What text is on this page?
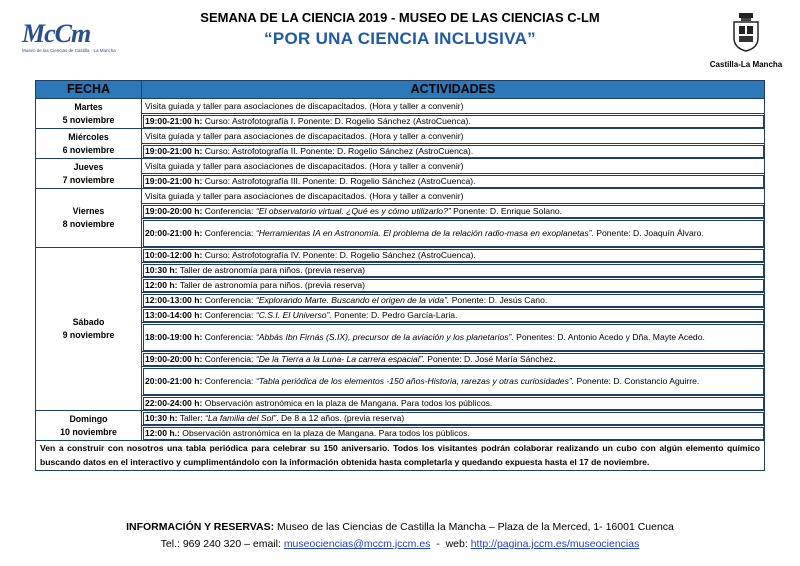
McCm
Museo de las Ciencias de Castilla - La Mancha
SEMANA DE LA CIENCIA 2019 - MUSEO DE LAS CIENCIAS C-LM
“POR UNA CIENCIA INCLUSIVA”
Castilla-La Mancha
FECHA	ACTIVIDADES

Martes
5 noviembre	Visita guiada y taller para asociaciones de discapacitados. (Hora y taller a convenir)
	19:00-21:00 h: Curso: Astrofotografía I. Ponente: D. Rogelio Sánchez (AstroCuenca).

Miércoles
6 noviembre	Visita guiada y taller para asociaciones de discapacitados. (Hora y taller a convenir)
	19:00-21:00 h: Curso: Astrofotografía II. Ponente: D. Rogelio Sánchez (AstroCuenca).

Jueves
7 noviembre	Visita guiada y taller para asociaciones de discapacitados. (Hora y taller a convenir)
	19:00-21:00 h: Curso: Astrofotografía III. Ponente: D. Rogelio Sánchez (AstroCuenca).

Viernes
8 noviembre	Visita guiada y taller para asociaciones de discapacitados. (Hora y taller a convenir)
	19:00-20:00 h: Conferencia: “El observatorio virtual. ¿Qué es y cómo utilizarlo?” Ponente: D. Enrique Solano.
	20:00-21:00 h: Conferencia: “Herramientas IA en Astronomía. El problema de la relación radio-masa en exoplanetas”. Ponente: D. Joaquín Álvaro.

Sábado
9 noviembre	10:00-12:00 h: Curso: Astrofotografía IV. Ponente: D. Rogelio Sánchez (AstroCuenca).
	10:30 h: Taller de astronomía para niños. (previa reserva)
	12:00 h: Taller de astronomía para niños. (previa reserva)
	12:00-13:00 h: Conferencia: “Explorando Marte. Buscando el origen de la vida”. Ponente: D. Jesús Cano.
	13:00-14:00 h: Conferencia: “C.S.I. El Universo”. Ponente: D. Pedro García-Laria.
	18:00-19:00 h: Conferencia: “Abbás Ibn Firnás (S.IX), precursor de la aviación y los planetarios”. Ponentes: D. Antonio Acedo y Dña. Mayte Acedo.
	19:00-20:00 h: Conferencia: “De la Tierra a la Luna- La carrera espacial”. Ponente: D. José María Sánchez.
	20:00-21:00 h: Conferencia: “Tabla periódica de los elementos -150 años-Historia, rarezas y otras curiosidades”. Ponente: D. Constancio Aguirre.
	22:00-24:00 h: Observación astronómica en la plaza de Mangana. Para todos los públicos.

Domingo
10 noviembre	10:30 h: Taller: “La familia del Sol”. De 8 a 12 años. (previa reserva)
	12:00 h.: Observación astronómica en la plaza de Mangana. Para todos los públicos.
Ven a construir con nosotros una tabla periódica para celebrar su 150 aniversario. Todos los visitantes podrán colaborar realizando un cubo con algún elemento químico buscando datos en el interactivo y cumplimentándolo con la información obtenida hasta completarla y quedando expuesta hasta el 17 de noviembre.	
INFORMACIÓN Y RESERVAS: Museo de las Ciencias de Castilla la Mancha – Plaza de la Merced, 1- 16001 Cuenca
Tel.: 969 240 320 – email: museociencias@mccm.jccm.es  -  web: http://pagina.jccm.es/museociencias
